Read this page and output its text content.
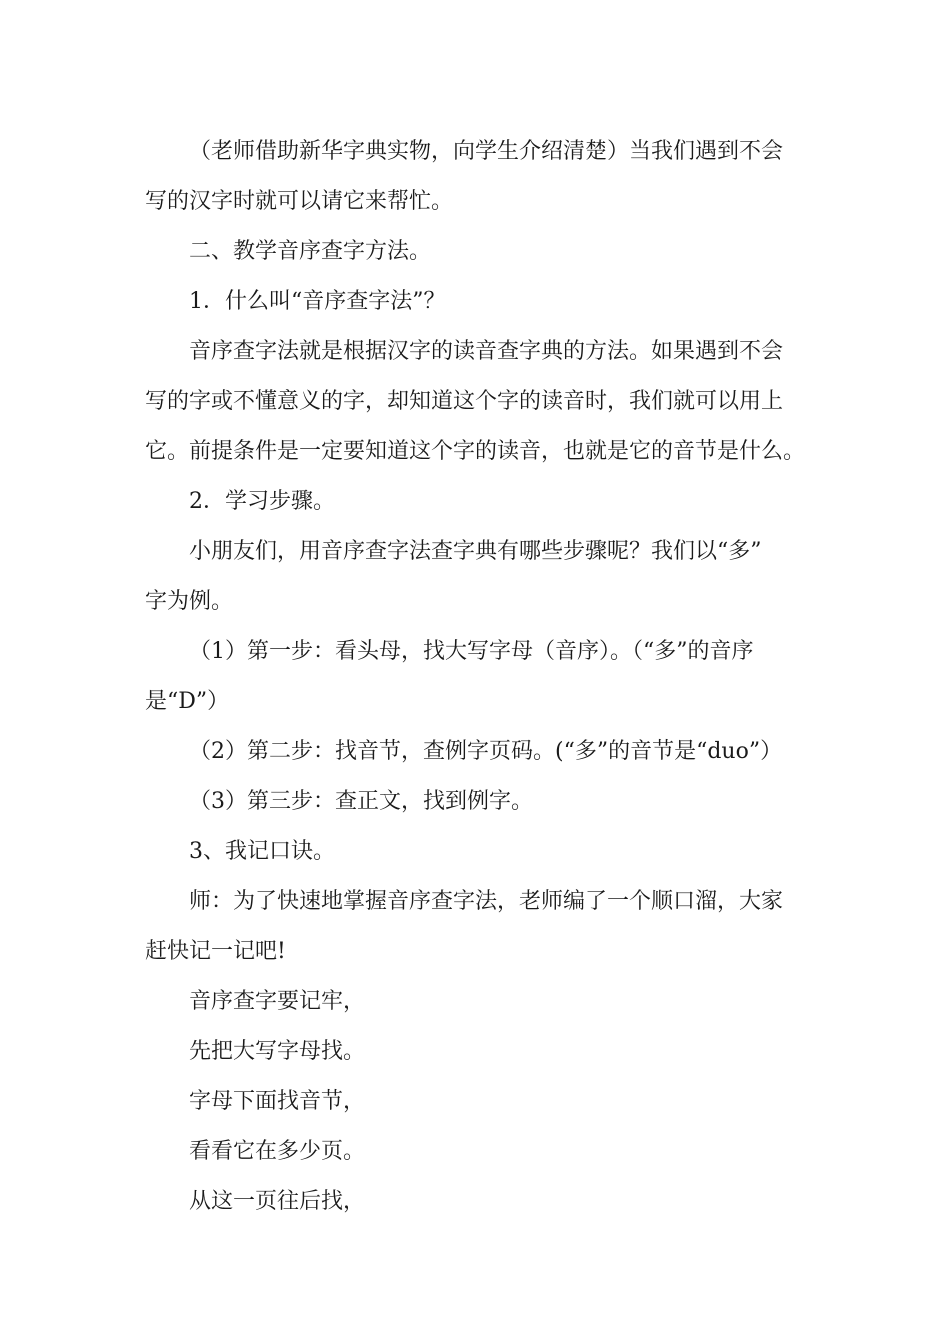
（老师借助新华字典实物，向学生介绍清楚）当我们遇到不会

写的汉字时就可以请它来帮忙。

二、教学音序查字方法。

1．什么叫“音序查字法”？

音序查字法就是根据汉字的读音查字典的方法。如果遇到不会

写的字或不懂意义的字，却知道这个字的读音时，我们就可以用上

它。前提条件是一定要知道这个字的读音，也就是它的音节是什么。

2．学习步骤。

小朋友们，用音序查字法查字典有哪些步骤呢？我们以“多”

字为例。

（1）第一步：看头母，找大写字母（音序）。（“多”的音序

是“D”）

（2）第二步：找音节，查例字页码。(“多”的音节是“duo”）

（3）第三步：查正文，找到例字。

3、我记口诀。

师：为了快速地掌握音序查字法，老师编了一个顺口溜，大家

赶快记一记吧!

音序查字要记牢，

先把大写字母找。

字母下面找音节，

看看它在多少页。

从这一页往后找，
